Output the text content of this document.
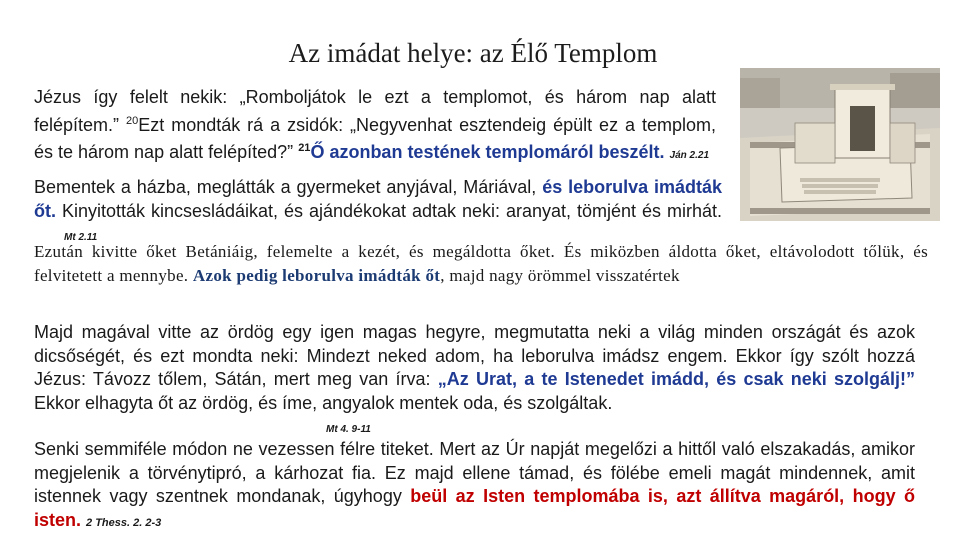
Az imádat helye: az Élő Templom

Jézus így felelt nekik: „Romboljátok le ezt a templomot, és három nap alatt felépítem.” $^{20}$Ezt mondták rá a zsidók: „Negyvenhat esztendeig épült ez a templom, és te három nap alatt felépíted?” $^{21}$Ő azonban testének templomáról beszélt. Ján 2.21

Bementek a házba, meglátták a gyermeket anyjával, Máriával, és leborulva imádták őt. Kinyitották kincsesládáikat, és ajándékokat adtak neki: aranyat, tömjént és mirhát. Mt 2.11

Ezután kivitte őket Betániáig, felemelte a kezét, és megáldotta őket. És miközben áldotta őket, eltávolodott tőlük, és felvitetett a mennybe. Azok pedig leborulva imádták őt, majd nagy örömmel visszatértek

Majd magával vitte az ördög egy igen magas hegyre, megmutatta neki a világ minden országát és azok dicsőségét, és ezt mondta neki: Mindezt neked adom, ha leborulva imádsz engem. Ekkor így szólt hozzá Jézus: Távozz tőlem, Sátán, mert meg van írva: „Az Urat, a te Istenedet imádd, és csak neki szolgálj!” Ekkor elhagyta őt az ördög, és íme, angyalok mentek oda, és szolgáltak.

Mt 4. 9-11

Senki semmiféle módon ne vezessen félre titeket. Mert az Úr napját megelőzi a hittől való elszakadás, amikor megjelenik a törvénytipró, a kárhozat fia. Ez majd ellene támad, és fölébe emeli magát mindennek, amit istennek vagy szentnek mondanak, úgyhogy beül az Isten templomába is, azt állítva magáról, hogy ő isten. 2 Thess. 2. 2-3
